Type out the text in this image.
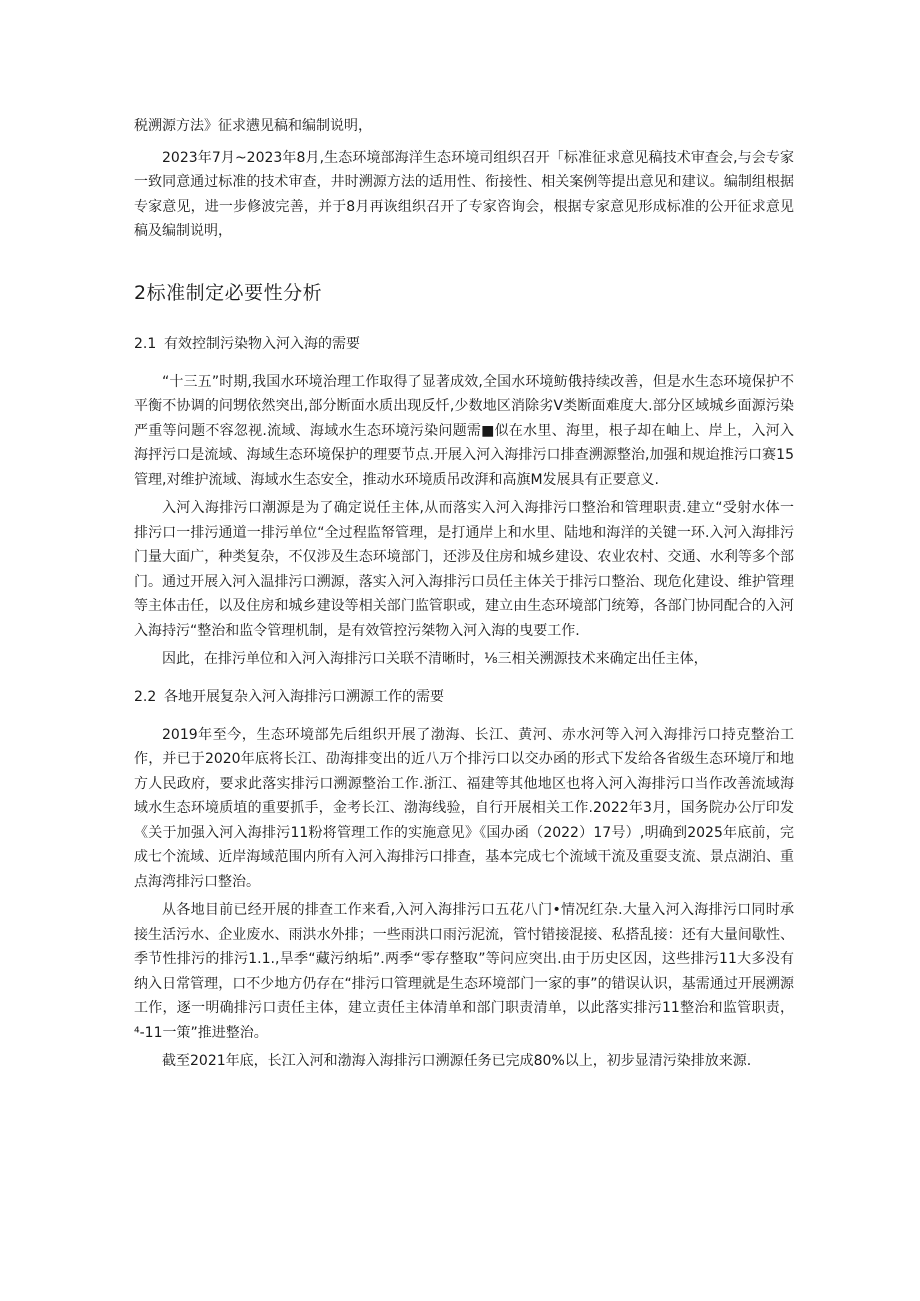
税溯源方法》征求懑见稿和编制说明，

2023年7月~2023年8月,生态环境部海洋生态环境司组织召开「标准征求意见稿技术审查会,与会专家一致同意通过标准的技术审查，井时溯源方法的适用性、衔接性、相关案例等提出意见和建议。编制组根据专家意见，进一步修波完善，并于8月再诙组织召开了专家咨询会，根据专家意见形成标准的公开征求意见稿及编制说明，

2标准制定必要性分析
2.1 有效控制污染物入河入海的需要

“十三五”时期,我国水环境治理工作取得了显著成效,全国水环境鲂俄持续改善，但是水生态环境保护不平衡不协调的问甥依然突出,部分断面水质出现反忏,少数地区消除劣V类断面难度大.部分区域城乡面源污染严重等问题不容忽视.流域、海域水生态环境污染问题需■似在水里、海里，根子却在岫上、岸上，入河入海抨污口是流域、海域生态环境保护的理要节点.开展入河入海排污口排查溯源整治,加强和规迨推污口赛15管理,对维护流域、海域水生态安全，推动水环境质吊改湃和高旗M发展具有正要意义.

入河入海排污口潮源是为了确定说任主体,从而落实入河入海排污口整治和管理职责.建立“受射水体一排污口一排污通道一排污单位“全过程监帑管理，是打通岸上和水里、陆地和海洋的关键一环.入河入海排污门量大面广，种类复杂，不仅涉及生态环境部门，还涉及住房和城乡建设、农业农村、交通、水利等多个部门。通过开展入河入温排污口溯源，落实入河入海排污口员任主体关于排污口整治、现危化建设、维护管理等主体击任，以及住房和城乡建设等相关部门监管职或，建立由生态环境部门统筹，各部门协同配合的入河入海持污“整治和监令管理机制，是有效管控污桀物入河入海的曳要工作.

因此，在排污单位和入河入海排污口关联不清晰时，⅛三相关溯源技术来确定出任主体，

2.2 各地开展复杂入河入海排污口溯源工作的需要

2019年至今，生态环境部先后组织开展了渤海、长江、黄河、赤水河等入河入海排污口持克整治工作，并已于2020年底将长江、劭海排变出的近八万个排污口以交办函的形式下发给各省级生态环境厅和地方人民政府，要求此落实排污口溯源整治工作.浙江、福建等其他地区也将入河入海排污口当作改善流域海域水生态环境质埴的重要抓手，金考长江、渤海线验，自行开展相关工作.2022年3月，国务院办公厅印发《关于加强入河入海排污11粉将管理工作的实施意见》《国办函（2022）17号）,明确到2025年底前，完成七个流域、近岸海域范围内所有入河入海排污口排查，基本完成七个流域干流及重耍支流、景点湖泊、重点海湾排污口整治。

从各地目前已经开展的排查工作来看,入河入海排污口五花八门•情况红杂.大量入河入海排污口同时承接生活污水、企业废水、雨洪水外排；一些雨洪口雨污泥流，管忖错接混接、私搭乱接：还有大量间歇性、季节性排污的排污1.1.,旱季“藏污纳垢”.两季“零存整取”等问应突出.由于历史区因，这些排污11大多没有纳入日常管理，口不少地方仍存在“排污口管理就是生态环境部门一家的事”的错误认识，基需通过开展溯源工作，逐一明确排污口责任主体，建立责任主体清单和部门职责清单，以此落实排污11整治和监管职责，⁴-11一策”推进整治。

截至2021年底，长江入河和渤海入海排污口溯源任务已完成80%以上，初步显清污染排放来源.
